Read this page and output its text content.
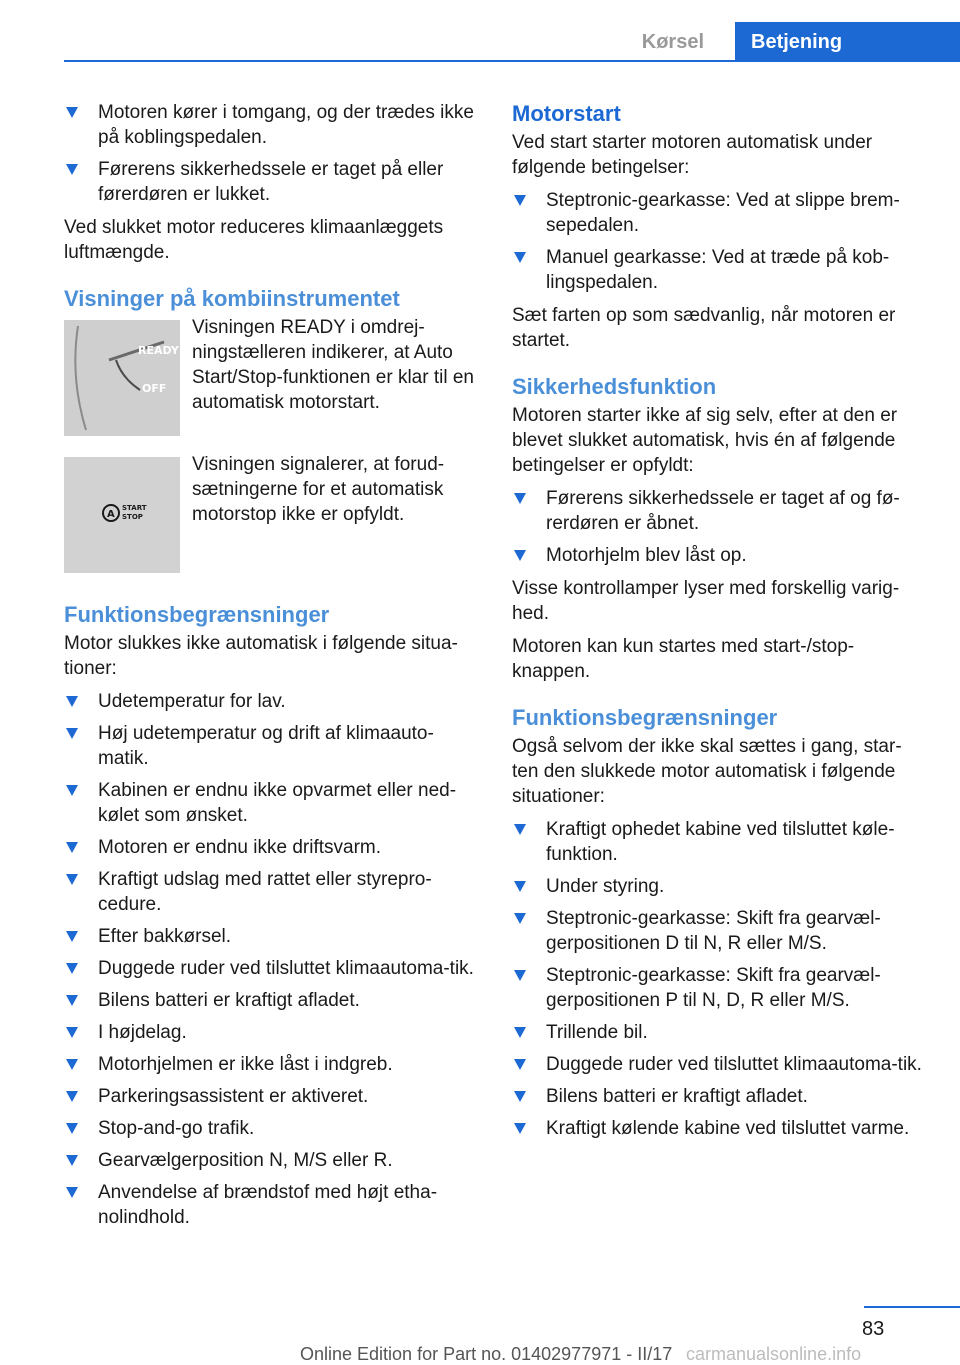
Kørsel	Betjening
Motoren kører i tomgang, og der trædes ikke på koblingspedalen.
Førerens sikkerhedssele er taget på eller førerdøren er lukket.

Ved slukket motor reduceres klimaanlæggets luftmængde.

Visninger på kombiinstrumentet
READY
OFF
Visningen READY i omdrej‐ningstælleren indikerer, at Auto Start/Stop-funktionen er klar til en automatisk motorstart.
A
START
STOP
Visningen signalerer, at forud‐sætningerne for et automatisk motorstop ikke er opfyldt.
Funktionsbegrænsninger

Motor slukkes ikke automatisk i følgende situa‐tioner:

Udetemperatur for lav.
Høj udetemperatur og drift af klimaauto‐matik.
Kabinen er endnu ikke opvarmet eller ned‐kølet som ønsket.
Motoren er endnu ikke driftsvarm.
Kraftigt udslag med rattet eller styrepro‐cedure.
Efter bakkørsel.
Duggede ruder ved tilsluttet klimaautoma‐tik.
Bilens batteri er kraftigt afladet.
I højdelag.
Motorhjelmen er ikke låst i indgreb.
Parkeringsassistent er aktiveret.
Stop-and-go trafik.
Gearvælgerposition N, M/S eller R.
Anvendelse af brændstof med højt etha‐nolindhold.
Motorstart

Ved start starter motoren automatisk under følgende betingelser:

Steptronic-gearkasse: Ved at slippe brem‐sepedalen.
Manuel gearkasse: Ved at træde på kob‐lingspedalen.

Sæt farten op som sædvanlig, når motoren er startet.

Sikkerhedsfunktion

Motoren starter ikke af sig selv, efter at den er blevet slukket automatisk, hvis én af følgende betingelser er opfyldt:

Førerens sikkerhedssele er taget af og fø‐rerdøren er åbnet.
Motorhjelm blev låst op.

Visse kontrollamper lyser med forskellig varig‐hed.

Motoren kan kun startes med start-/stop-knappen.

Funktionsbegrænsninger

Også selvom der ikke skal sættes i gang, star‐ten den slukkede motor automatisk i følgende situationer:

Kraftigt ophedet kabine ved tilsluttet køle‐funktion.
Under styring.
Steptronic-gearkasse: Skift fra gearvæl‐gerpositionen D til N, R eller M/S.
Steptronic-gearkasse: Skift fra gearvæl‐gerpositionen P til N, D, R eller M/S.
Trillende bil.
Duggede ruder ved tilsluttet klimaautoma‐tik.
Bilens batteri er kraftigt afladet.
Kraftigt kølende kabine ved tilsluttet varme.
83
Online Edition for Part no. 01402977971 - II/17 carmanualsonline.info
